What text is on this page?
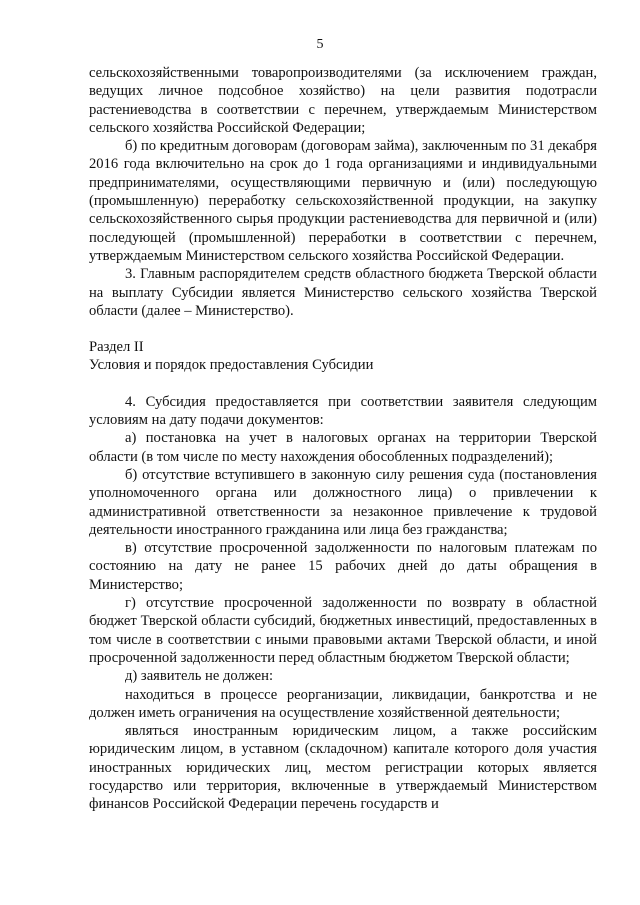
5

сельскохозяйственными товаропроизводителями (за исключением граждан, ведущих личное подсобное хозяйство) на цели развития подотрасли растениеводства в соответствии с перечнем, утверждаемым Министерством сельского хозяйства Российской Федерации;

б) по кредитным договорам (договорам займа), заключенным по 31 декабря 2016 года включительно на срок до 1 года организациями и индивидуальными предпринимателями, осуществляющими первичную и (или) последующую (промышленную) переработку сельскохозяйственной продукции, на закупку сельскохозяйственного сырья продукции растениеводства для первичной и (или) последующей (промышленной) переработки в соответствии с перечнем, утверждаемым Министерством сельского хозяйства Российской Федерации.

3. Главным распорядителем средств областного бюджета Тверской области на выплату Субсидии является Министерство сельского хозяйства Тверской области (далее – Министерство).

Раздел II

Условия и порядок предоставления Субсидии

4. Субсидия предоставляется при соответствии заявителя следующим условиям на дату подачи документов:

а) постановка на учет в налоговых органах на территории Тверской области (в том числе по месту нахождения обособленных подразделений);

б) отсутствие вступившего в законную силу решения суда (постановления уполномоченного органа или должностного лица) о привлечении к административной ответственности за незаконное привлечение к трудовой деятельности иностранного гражданина или лица без гражданства;

в) отсутствие просроченной задолженности по налоговым платежам по состоянию на дату не ранее 15 рабочих дней до даты обращения в Министерство;

г) отсутствие просроченной задолженности по возврату в областной бюджет Тверской области субсидий, бюджетных инвестиций, предоставленных в том числе в соответствии с иными правовыми актами Тверской области, и иной просроченной задолженности перед областным бюджетом Тверской области;

д) заявитель не должен:

находиться в процессе реорганизации, ликвидации, банкротства и не должен иметь ограничения на осуществление хозяйственной деятельности;

являться иностранным юридическим лицом, а также российским юридическим лицом, в уставном (складочном) капитале которого доля участия иностранных юридических лиц, местом регистрации которых является государство или территория, включенные в утверждаемый Министерством финансов Российской Федерации перечень государств и
